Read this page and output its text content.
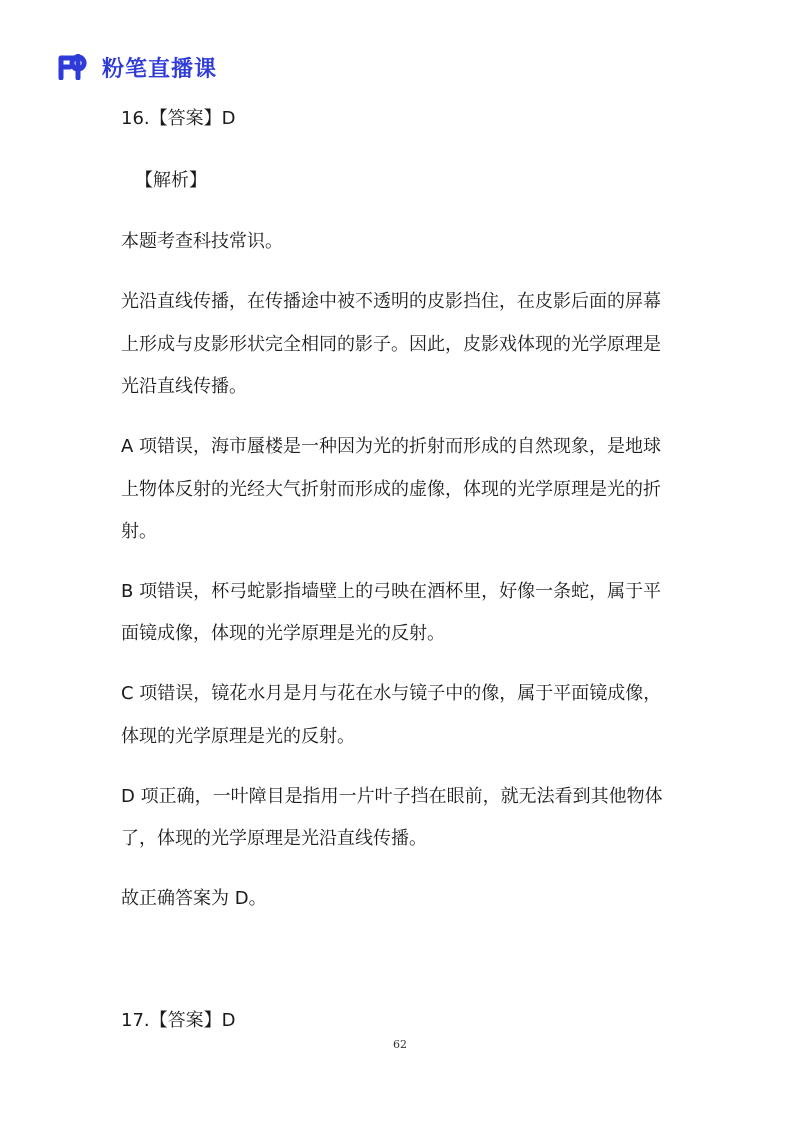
粉笔直播课
16.【答案】D
【解析】
本题考查科技常识。
光沿直线传播，在传播途中被不透明的皮影挡住，在皮影后面的屏幕
上形成与皮影形状完全相同的影子。因此，皮影戏体现的光学原理是
光沿直线传播。
A 项错误，海市蜃楼是一种因为光的折射而形成的自然现象，是地球
上物体反射的光经大气折射而形成的虚像，体现的光学原理是光的折
射。
B 项错误，杯弓蛇影指墙壁上的弓映在酒杯里，好像一条蛇，属于平
面镜成像，体现的光学原理是光的反射。
C 项错误，镜花水月是月与花在水与镜子中的像，属于平面镜成像，
体现的光学原理是光的反射。
D 项正确，一叶障目是指用一片叶子挡在眼前，就无法看到其他物体
了，体现的光学原理是光沿直线传播。
故正确答案为 D。
17.【答案】D
62
